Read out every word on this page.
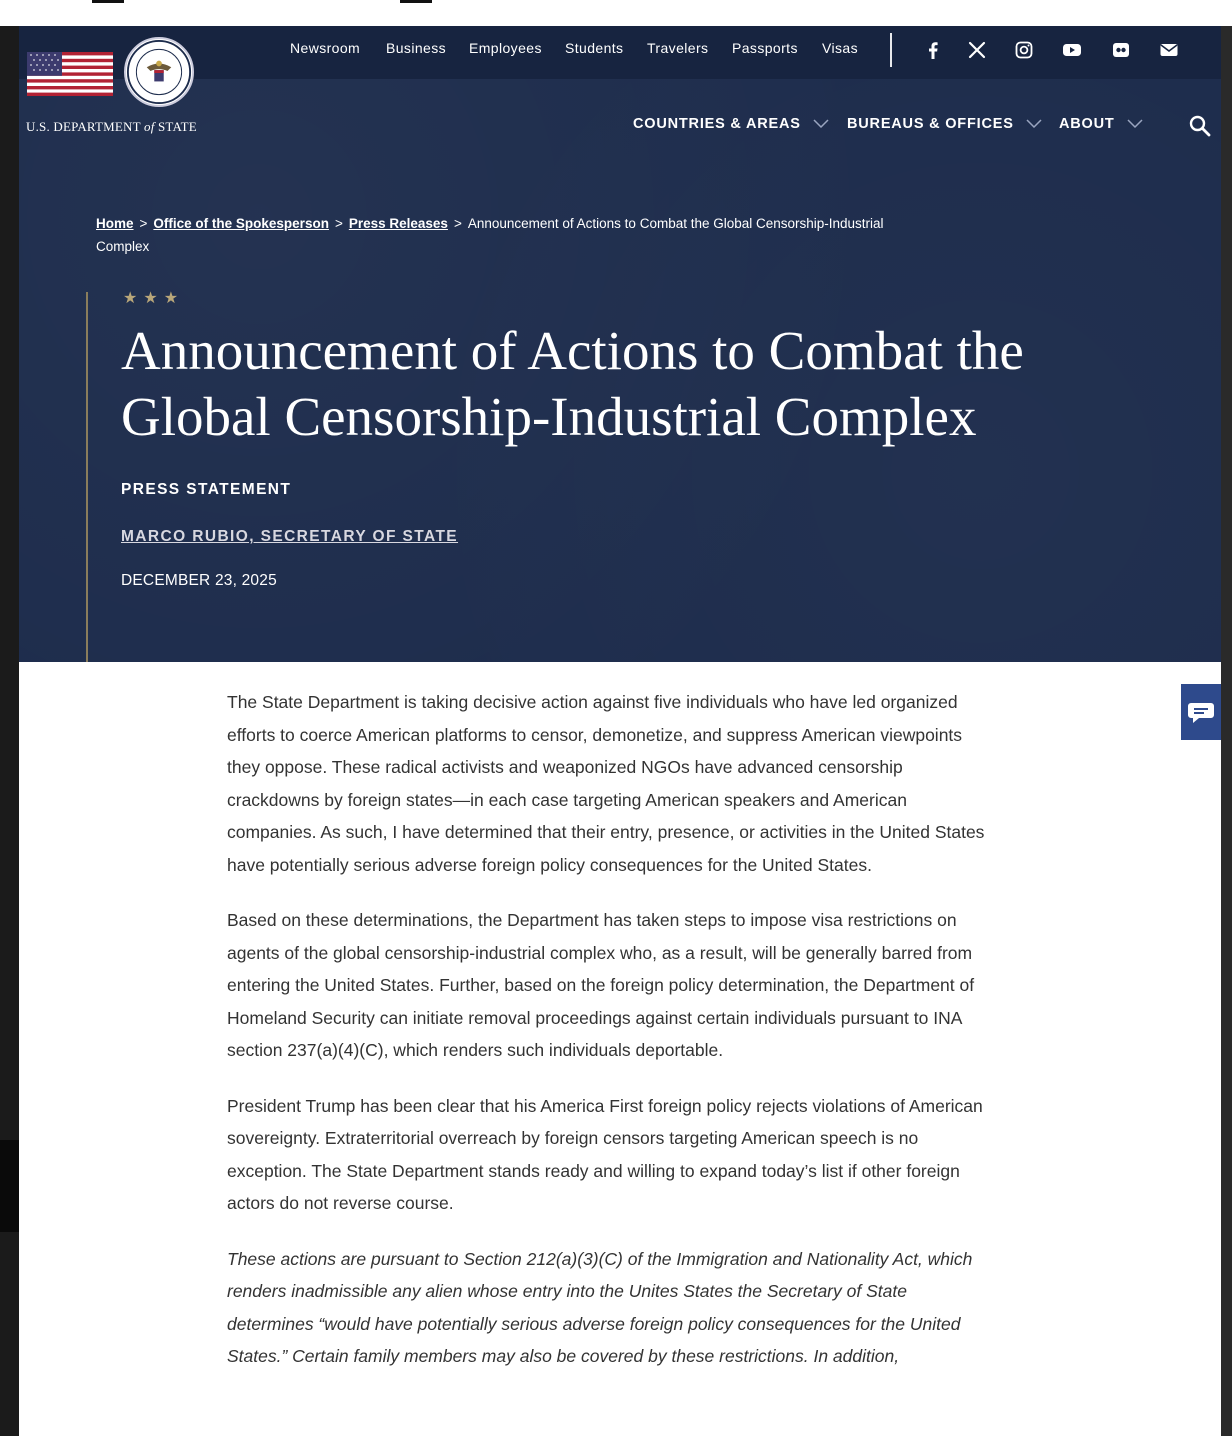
U.S. DEPARTMENT of STATE
Newsroom Business Employees Students Travelers Passports Visas
COUNTRIES & AREAS	BUREAUS & OFFICES	ABOUT
Home > Office of the Spokesperson > Press Releases > Announcement of Actions to Combat the Global Censorship-Industrial Complex
★★★
Announcement of Actions to Combat the Global Censorship-Industrial Complex
PRESS STATEMENT
MARCO RUBIO, SECRETARY OF STATE
DECEMBER 23, 2025

The State Department is taking decisive action against five individuals who have led organized efforts to coerce American platforms to censor, demonetize, and suppress American viewpoints they oppose. These radical activists and weaponized NGOs have advanced censorship crackdowns by foreign states—in each case targeting American speakers and American companies. As such, I have determined that their entry, presence, or activities in the United States have potentially serious adverse foreign policy consequences for the United States.

Based on these determinations, the Department has taken steps to impose visa restrictions on agents of the global censorship-industrial complex who, as a result, will be generally barred from entering the United States. Further, based on the foreign policy determination, the Department of Homeland Security can initiate removal proceedings against certain individuals pursuant to INA section 237(a)(4)(C), which renders such individuals deportable.

President Trump has been clear that his America First foreign policy rejects violations of American sovereignty. Extraterritorial overreach by foreign censors targeting American speech is no exception. The State Department stands ready and willing to expand today’s list if other foreign actors do not reverse course.

These actions are pursuant to Section 212(a)(3)(C) of the Immigration and Nationality Act, which renders inadmissible any alien whose entry into the Unites States the Secretary of State determines “would have potentially serious adverse foreign policy consequences for the United States.” Certain family members may also be covered by these restrictions. In addition,
